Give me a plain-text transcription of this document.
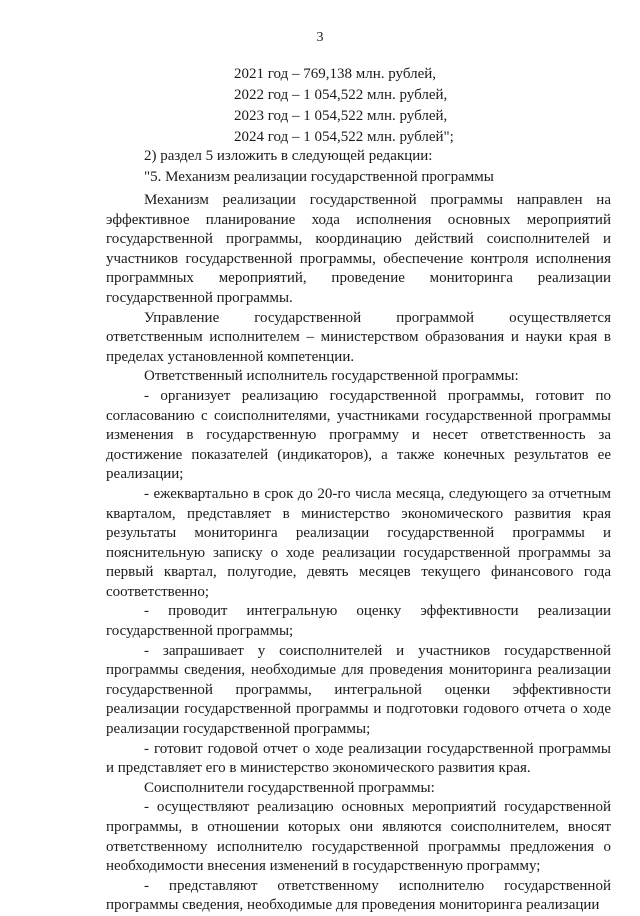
3
2021 год – 769,138 млн. рублей,
2022 год – 1 054,522 млн. рублей,
2023 год – 1 054,522 млн. рублей,
2024 год – 1 054,522 млн. рублей";
2) раздел 5 изложить в следующей редакции:
"5. Механизм реализации государственной программы

Механизм реализации государственной программы направлен на эффективное планирование хода исполнения основных мероприятий государственной программы, координацию действий соисполнителей и участников государственной программы, обеспечение контроля исполнения программных мероприятий, проведение мониторинга реализации государственной программы.

Управление государственной программой осуществляется ответственным исполнителем – министерством образования и науки края в пределах установленной компетенции.

Ответственный исполнитель государственной программы:

- организует реализацию государственной программы, готовит по согласованию с соисполнителями, участниками государственной программы изменения в государственную программу и несет ответственность за достижение показателей (индикаторов), а также конечных результатов ее реализации;

- ежеквартально в срок до 20-го числа месяца, следующего за отчетным кварталом, представляет в министерство экономического развития края результаты мониторинга реализации государственной программы и пояснительную записку о ходе реализации государственной программы за первый квартал, полугодие, девять месяцев текущего финансового года соответственно;

- проводит интегральную оценку эффективности реализации государственной программы;

- запрашивает у соисполнителей и участников государственной программы сведения, необходимые для проведения мониторинга реализации государственной программы, интегральной оценки эффективности реализации государственной программы и подготовки годового отчета о ходе реализации государственной программы;

- готовит годовой отчет о ходе реализации государственной программы и представляет его в министерство экономического развития края.

Соисполнители государственной программы:

- осуществляют реализацию основных мероприятий государственной программы, в отношении которых они являются соисполнителем, вносят ответственному исполнителю государственной программы предложения о необходимости внесения изменений в государственную программу;

- представляют ответственному исполнителю государственной программы сведения, необходимые для проведения мониторинга реализации
